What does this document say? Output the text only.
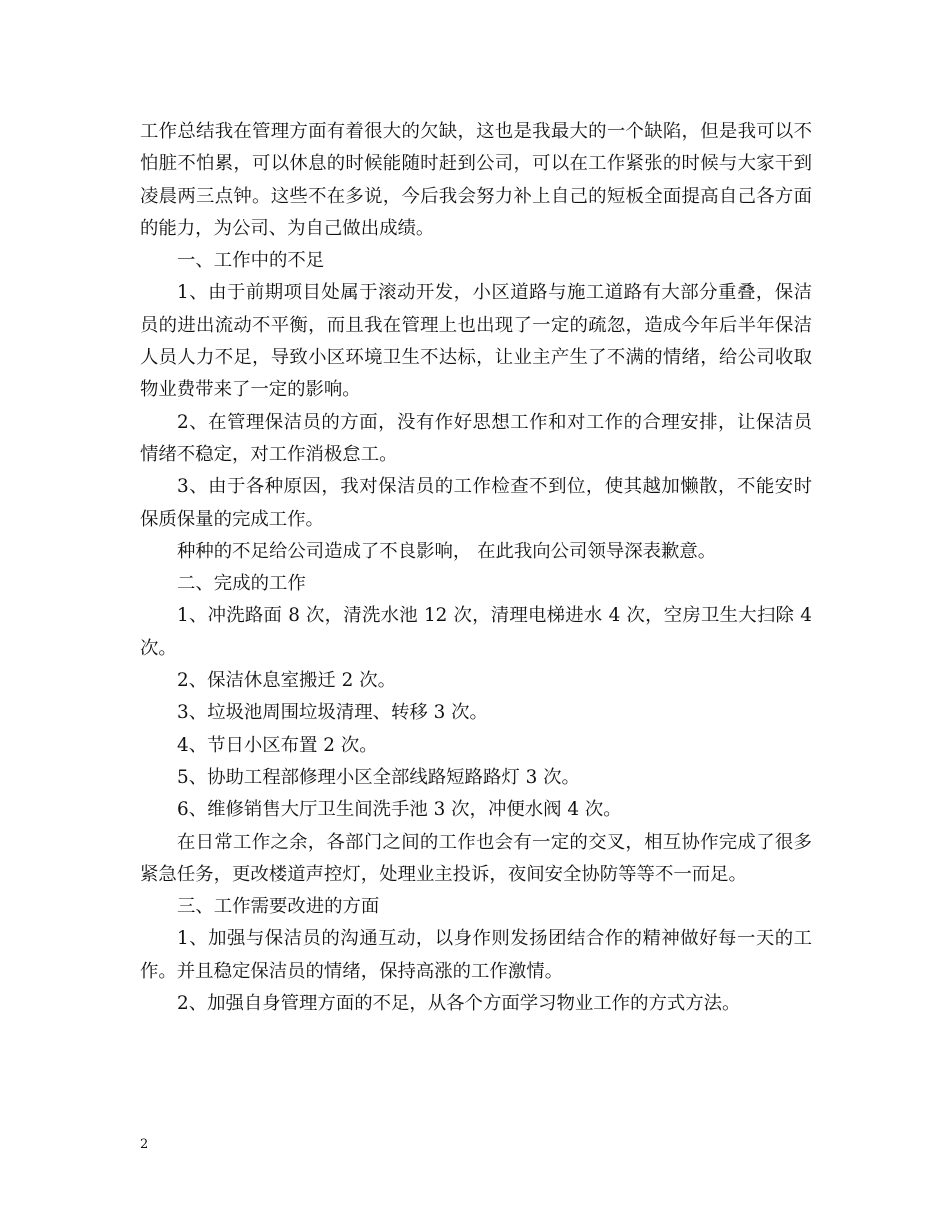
工作总结我在管理方面有着很大的欠缺，这也是我最大的一个缺陷，但是我可以不怕脏不怕累，可以休息的时候能随时赶到公司，可以在工作紧张的时候与大家干到凌晨两三点钟。这些不在多说，今后我会努力补上自己的短板全面提高自己各方面的能力，为公司、为自己做出成绩。

一、工作中的不足

1、由于前期项目处属于滚动开发，小区道路与施工道路有大部分重叠，保洁员的进出流动不平衡，而且我在管理上也出现了一定的疏忽，造成今年后半年保洁人员人力不足，导致小区环境卫生不达标，让业主产生了不满的情绪，给公司收取物业费带来了一定的影响。

2、在管理保洁员的方面，没有作好思想工作和对工作的合理安排，让保洁员情绪不稳定，对工作消极怠工。

3、由于各种原因，我对保洁员的工作检查不到位，使其越加懒散，不能安时保质保量的完成工作。

种种的不足给公司造成了不良影响， 在此我向公司领导深表歉意。

二、完成的工作

1、冲洗路面 8 次，清洗水池 12 次，清理电梯进水 4 次，空房卫生大扫除 4 次。

2、保洁休息室搬迁 2 次。

3、垃圾池周围垃圾清理、转移 3 次。

4、节日小区布置 2 次。

5、协助工程部修理小区全部线路短路路灯 3 次。

6、维修销售大厅卫生间洗手池 3 次，冲便水阀 4 次。

在日常工作之余，各部门之间的工作也会有一定的交叉，相互协作完成了很多紧急任务，更改楼道声控灯，处理业主投诉，夜间安全协防等等不一而足。

三、工作需要改进的方面

1、加强与保洁员的沟通互动，以身作则发扬团结合作的精神做好每一天的工作。并且稳定保洁员的情绪，保持高涨的工作激情。

2、加强自身管理方面的不足，从各个方面学习物业工作的方式方法。

2
